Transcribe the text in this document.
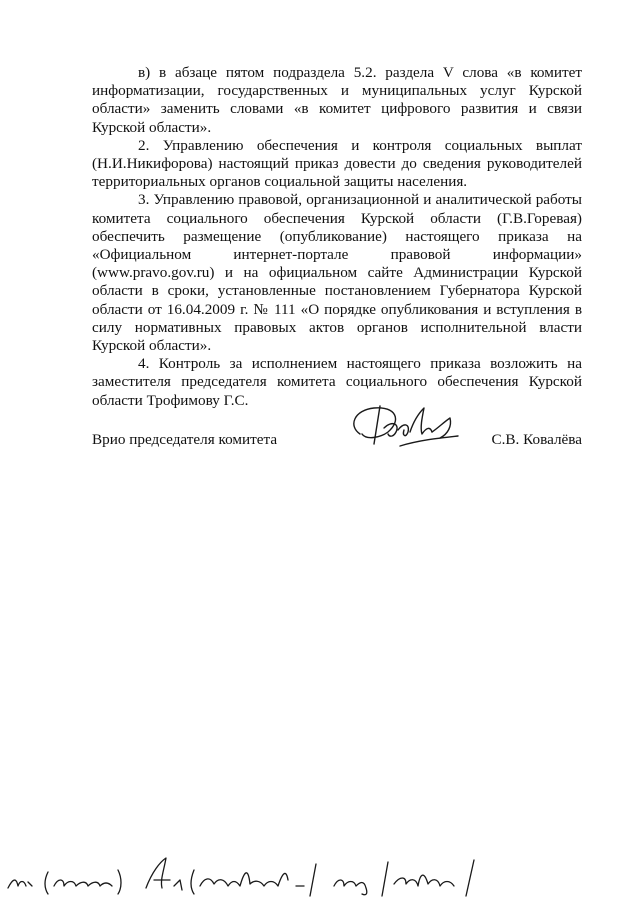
в) в абзаце пятом подраздела 5.2. раздела V слова «в комитет информатизации, государственных и муниципальных услуг Курской области» заменить словами «в комитет цифрового развития и связи Курской области».

2. Управлению обеспечения и контроля социальных выплат (Н.И.Никифорова) настоящий приказ довести до сведения руководителей территориальных органов социальной защиты населения.

3. Управлению правовой, организационной и аналитической работы комитета социального обеспечения Курской области (Г.В.Горевая) обеспечить размещение (опубликование) настоящего приказа на «Официальном интернет-портале правовой информации» (www.pravo.gov.ru) и на официальном сайте Администрации Курской области в сроки, установленные постановлением Губернатора Курской области от 16.04.2009 г. № 111 «О порядке опубликования и вступления в силу нормативных правовых актов органов исполнительной власти Курской области».

4. Контроль за исполнением настоящего приказа возложить на заместителя председателя комитета социального обеспечения Курской области Трофимову Г.С.

Врио председателя комитета	С.В. Ковалёва
